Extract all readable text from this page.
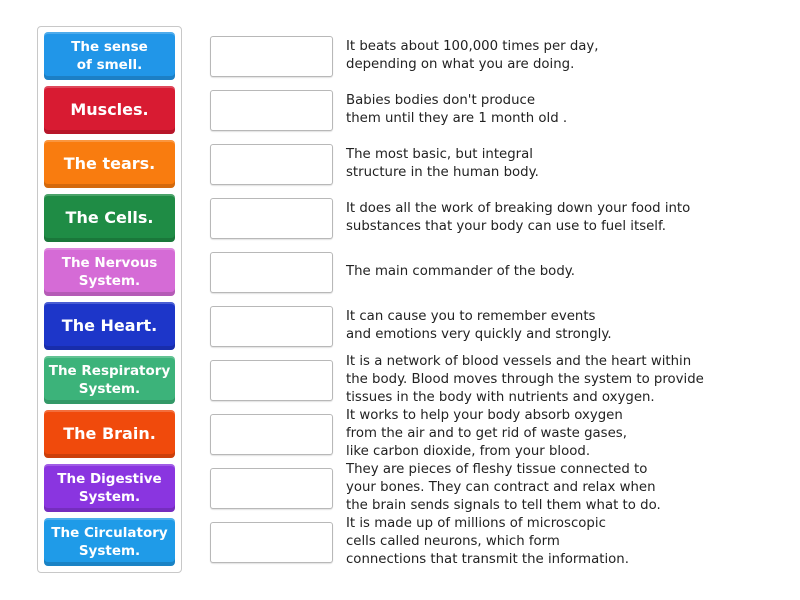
The sense
of smell.
Muscles.
The tears.
The Cells.
The Nervous
System.
The Heart.
The Respiratory
System.
The Brain.
The Digestive
System.
The Circulatory
System.
It beats about 100,000 times per day,
depending on what you are doing.
Babies bodies don't produce
them until they are 1 month old .
The most basic, but integral
structure in the human body.
It does all the work of breaking down your food into
substances that your body can use to fuel itself.
The main commander of the body.
It can cause you to remember events
and emotions very quickly and strongly.
It is a network of blood vessels and the heart within
the body. Blood moves through the system to provide
tissues in the body with nutrients and oxygen.
It works to help your body absorb oxygen
from the air and to get rid of waste gases,
like carbon dioxide, from your blood.
They are pieces of fleshy tissue connected to
your bones. They can contract and relax when
the brain sends signals to tell them what to do.
It is made up of millions of microscopic
cells called neurons, which form
connections that transmit the information.
